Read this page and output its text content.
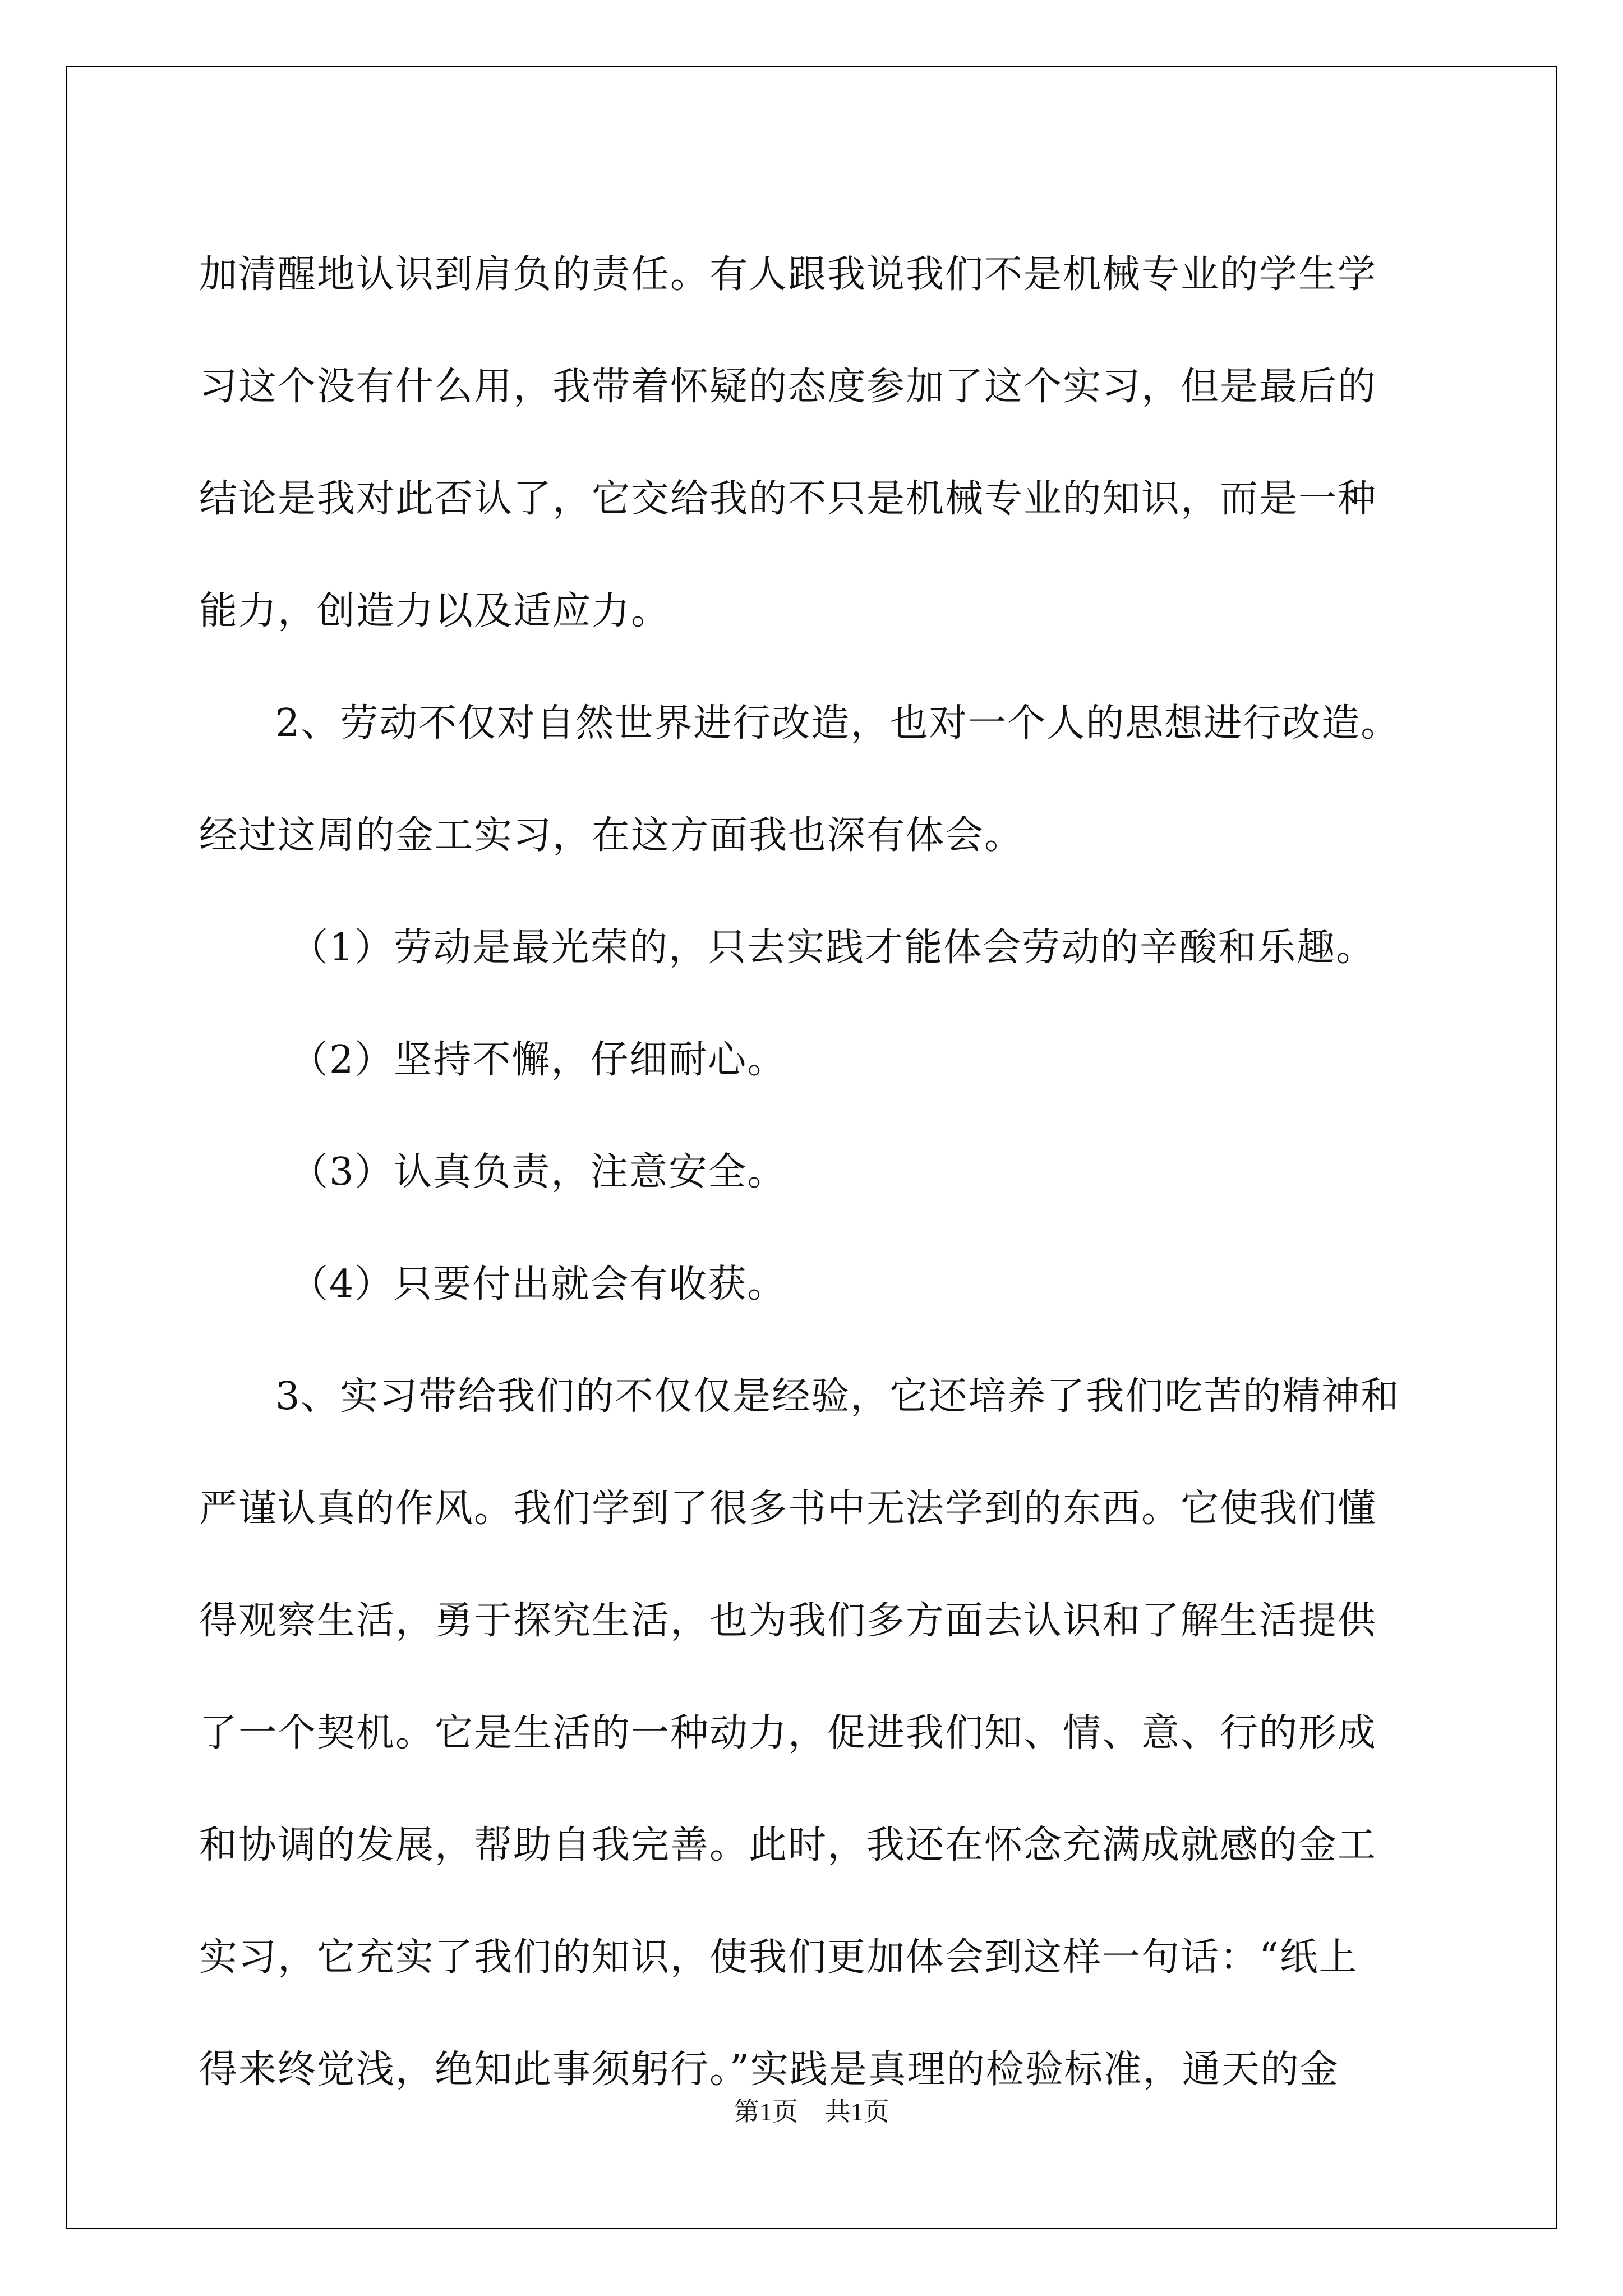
加清醒地认识到肩负的责任。有人跟我说我们不是机械专业的学生学
习这个没有什么用，我带着怀疑的态度参加了这个实习，但是最后的
结论是我对此否认了，它交给我的不只是机械专业的知识，而是一种
能力，创造力以及适应力。
2、劳动不仅对自然世界进行改造，也对一个人的思想进行改造。
经过这周的金工实习，在这方面我也深有体会。
（1）劳动是最光荣的，只去实践才能体会劳动的辛酸和乐趣。
（2）坚持不懈，仔细耐心。
（3）认真负责，注意安全。
（4）只要付出就会有收获。
3、实习带给我们的不仅仅是经验，它还培养了我们吃苦的精神和
严谨认真的作风。我们学到了很多书中无法学到的东西。它使我们懂
得观察生活，勇于探究生活，也为我们多方面去认识和了解生活提供
了一个契机。它是生活的一种动力，促进我们知、情、意、行的形成
和协调的发展，帮助自我完善。此时，我还在怀念充满成就感的金工
实习，它充实了我们的知识，使我们更加体会到这样一句话：“纸上
得来终觉浅，绝知此事须躬行。”实践是真理的检验标准，通天的金
第1页 共1页
